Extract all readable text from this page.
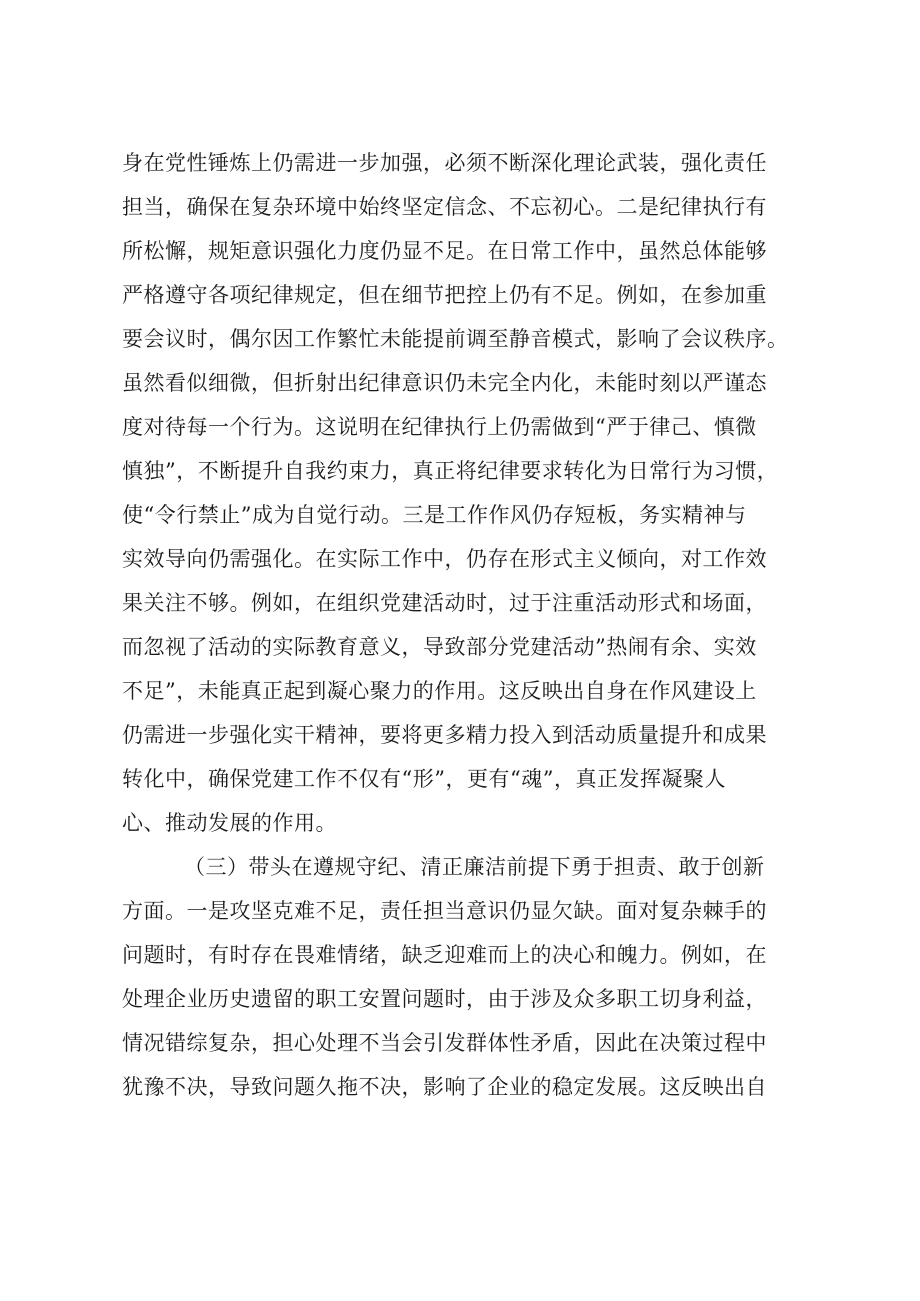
身在党性锤炼上仍需进一步加强，必须不断深化理论武装，强化责任
担当，确保在复杂环境中始终坚定信念、不忘初心。二是纪律执行有
所松懈，规矩意识强化力度仍显不足。在日常工作中，虽然总体能够
严格遵守各项纪律规定，但在细节把控上仍有不足。例如，在参加重
要会议时，偶尔因工作繁忙未能提前调至静音模式，影响了会议秩序。
虽然看似细微，但折射出纪律意识仍未完全内化，未能时刻以严谨态
度对待每一个行为。这说明在纪律执行上仍需做到“严于律己、慎微
慎独”，不断提升自我约束力，真正将纪律要求转化为日常行为习惯，
使“令行禁止”成为自觉行动。三是工作作风仍存短板，务实精神与
实效导向仍需强化。在实际工作中，仍存在形式主义倾向，对工作效
果关注不够。例如，在组织党建活动时，过于注重活动形式和场面，
而忽视了活动的实际教育意义，导致部分党建活动”热闹有余、实效
不足”，未能真正起到凝心聚力的作用。这反映出自身在作风建设上
仍需进一步强化实干精神，要将更多精力投入到活动质量提升和成果
转化中，确保党建工作不仅有“形”，更有“魂”，真正发挥凝聚人
心、推动发展的作用。
（三）带头在遵规守纪、清正廉洁前提下勇于担责、敢于创新
方面。一是攻坚克难不足，责任担当意识仍显欠缺。面对复杂棘手的
问题时，有时存在畏难情绪，缺乏迎难而上的决心和魄力。例如，在
处理企业历史遗留的职工安置问题时，由于涉及众多职工切身利益，
情况错综复杂，担心处理不当会引发群体性矛盾，因此在决策过程中
犹豫不决，导致问题久拖不决，影响了企业的稳定发展。这反映出自
